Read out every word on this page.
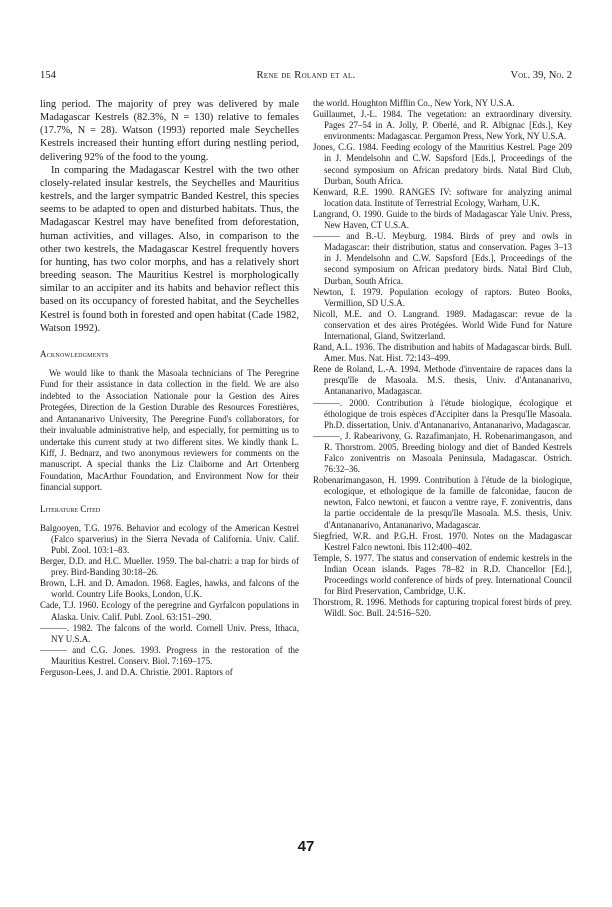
154	Rene de Roland et al.	Vol. 39, No. 2

ling period. The majority of prey was delivered by male Madagascar Kestrels (82.3%, N = 130) relative to females (17.7%, N = 28). Watson (1993) reported male Seychelles Kestrels increased their hunting effort during nestling period, delivering 92% of the food to the young.

In comparing the Madagascar Kestrel with the two other closely-related insular kestrels, the Seychelles and Mauritius kestrels, and the larger sympatric Banded Kestrel, this species seems to be adapted to open and disturbed habitats. Thus, the Madagascar Kestrel may have benefited from deforestation, human activities, and villages. Also, in comparison to the other two kestrels, the Madagascar Kestrel frequently hovers for hunting, has two color morphs, and has a relatively short breeding season. The Mauritius Kestrel is morphologically similar to an accipiter and its habits and behavior reflect this based on its occupancy of forested habitat, and the Seychelles Kestrel is found both in forested and open habitat (Cade 1982, Watson 1992).

Acknowledgments

We would like to thank the Masoala technicians of The Peregrine Fund for their assistance in data collection in the field. We are also indebted to the Association Nationale pour la Gestion des Aires Protegées, Direction de la Gestion Durable des Resources Forestières, and Antananarivo University, The Peregrine Fund's collaborators, for their invaluable administrative help, and especially, for permitting us to undertake this current study at two different sites. We kindly thank L. Kiff, J. Bednarz, and two anonymous reviewers for comments on the manuscript. A special thanks the Liz Claiborne and Art Ortenberg Foundation, MacArthur Foundation, and Environment Now for their financial support.

Literature Cited

Balgooyen, T.G. 1976. Behavior and ecology of the American Kestrel (Falco sparverius) in the Sierra Nevada of California. Univ. Calif. Publ. Zool. 103:1–83.

Berger, D.D. and H.C. Mueller. 1959. The bal-chatri: a trap for birds of prey. Bird-Banding 30:18–26.

Brown, L.H. and D. Amadon. 1968. Eagles, hawks, and falcons of the world. Country Life Books, London, U.K.

Cade, T.J. 1960. Ecology of the peregrine and Gyrfalcon populations in Alaska. Univ. Calif. Publ. Zool. 63:151–290.

———. 1982. The falcons of the world. Cornell Univ. Press, Ithaca, NY U.S.A.

——— and C.G. Jones. 1993. Progress in the restoration of the Mauritius Kestrel. Conserv. Biol. 7:169–175.

Ferguson-Lees, J. and D.A. Christie. 2001. Raptors of

the world. Houghton Mifflin Co., New York, NY U.S.A.

Guillaumet, J.-L. 1984. The vegetation: an extraordinary diversity. Pages 27–54 in A. Jolly, P. Oberlé, and R. Albignac [Eds.], Key environments: Madagascar. Pergamon Press, New York, NY U.S.A.

Jones, C.G. 1984. Feeding ecology of the Mauritius Kestrel. Page 209 in J. Mendelsohn and C.W. Sapsford [Eds.], Proceedings of the second symposium on African predatory birds. Natal Bird Club, Durban, South Africa.

Kenward, R.E. 1990. RANGES IV: software for analyzing animal location data. Institute of Terrestrial Ecology, Warham, U.K.

Langrand, O. 1990. Guide to the birds of Madagascar Yale Univ. Press, New Haven, CT U.S.A.

——— and B.-U. Meyburg. 1984. Birds of prey and owls in Madagascar: their distribution, status and conservation. Pages 3–13 in J. Mendelsohn and C.W. Sapsford [Eds.], Proceedings of the second symposium on African predatory birds. Natal Bird Club, Durban, South Africa.

Newton, I. 1979. Population ecology of raptors. Buteo Books, Vermillion, SD U.S.A.

Nicoll, M.E. and O. Langrand. 1989. Madagascar: revue de la conservation et des aires Protégées. World Wide Fund for Nature International, Gland, Switzerland.

Rand, A.L. 1936. The distribution and habits of Madagascar birds. Bull. Amer. Mus. Nat. Hist. 72:143–499.

Rene de Roland, L.-A. 1994. Methode d'inventaire de rapaces dans la presqu'île de Masoala. M.S. thesis, Univ. d'Antananarivo, Antananarivo, Madagascar.

———. 2000. Contribution à l'étude biologique, écologique et éthologique de trois espèces d'Accipiter dans la Presqu'Ile Masoala. Ph.D. dissertation, Univ. d'Antananarivo, Antananarivo, Madagascar.

———, J. Rabearivony, G. Razafimanjato, H. Robenarimangason, and R. Thorstrom. 2005. Breeding biology and diet of Banded Kestrels Falco zoniventris on Masoala Peninsula, Madagascar. Ostrich. 76:32–36.

Robenarimangason, H. 1999. Contribution à l'étude de la biologique, ecologique, et ethologique de la famille de falconidae, faucon de newton, Falco newtoni, et faucon a ventre raye, F. zoniventris, dans la partie occidentale de la presqu'île Masoala. M.S. thesis, Univ. d'Antananarivo, Antananarivo, Madagascar.

Siegfried, W.R. and P.G.H. Frost. 1970. Notes on the Madagascar Kestrel Falco newtoni. Ibis 112:400–402.

Temple, S. 1977. The status and conservation of endemic kestrels in the Indian Ocean islands. Pages 78–82 in R.D. Chancellor [Ed.], Proceedings world conference of birds of prey. International Council for Bird Preservation, Cambridge, U.K.

Thorstrom, R. 1996. Methods for capturing tropical forest birds of prey. Wildl. Soc. Bull. 24:516–520.

47
